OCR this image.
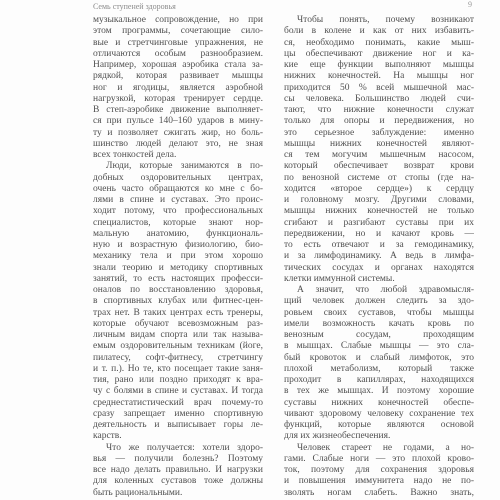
Семь ступеней здоровья	9
музыкальное сопровождение, но при
этом программы, сочетающие сило-
вые и стретчинговые упражнения, не
отличаются особым разнообразием.
Например, хорошая аэробика стала за-
рядкой, которая развивает мышцы
ног и ягодицы, является аэробной
нагрузкой, которая тренирует сердце.
В степ-аэробике движение выполняет-
ся при пульсе 140–160 ударов в мину-
ту и позволяет сжигать жир, но боль-
шинство людей делают это, не зная
всех тонкостей дела.
Люди, которые занимаются в по-
добных оздоровительных центрах,
очень часто обращаются ко мне с бо-
лями в спине и суставах. Это проис-
ходит потому, что профессиональных
специалистов, которые знают нор-
мальную анатомию, функциональ-
ную и возрастную физиологию, био-
механику тела и при этом хорошо
знали теорию и методику спортивных
занятий, то есть настоящих професси-
оналов по восстановлению здоровья,
в спортивных клубах или фитнес-цен-
трах нет. В таких центрах есть тренеры,
которые обучают всевозможным раз-
личным видам спорта или так называ-
емым оздоровительным техникам (йоге,
пилатесу, софт-фитнесу, стретчингу
и т. п.). Но те, кто посещает такие заня-
тия, рано или поздно приходят к вра-
чу с болями в спине и суставах. И тогда
среднестатистический врач почему-то
сразу запрещает именно спортивную
деятельность и выписывает горы ле-
карств.
Что же получается: хотели здоро-
вья — получили болезнь? Поэтому
все надо делать правильно. И нагрузки
для коленных суставов тоже должны
быть рациональными.
Чтобы понять, почему возникают
боли в колене и как от них избавить-
ся, необходимо понимать, какие мыш-
цы обеспечивают движение ног и ка-
кие еще функции выполняют мышцы
нижних конечностей. На мышцы ног
приходится 50 % всей мышечной мас-
сы человека. Большинство людей счи-
тают, что нижние конечности служат
только для опоры и передвижения, но
это серьезное заблуждение: именно
мышцы нижних конечностей являют-
ся тем могучим мышечным насосом,
который обеспечивает возврат крови
по венозной системе от стопы (где на-
ходится «второе сердце») к сердцу
и головному мозгу. Другими словами,
мышцы нижних конечностей не только
сгибают и разгибают суставы при их
передвижении, но и качают кровь —
то есть отвечают и за гемодинамику,
и за лимфодинамику. А ведь в лимфа-
тических сосудах и органах находятся
клетки иммунной системы.
А значит, что любой здравомысля-
щий человек должен следить за здо-
ровьем своих суставов, чтобы мышцы
имели возможность качать кровь по
венозным сосудам, проходящим
в мышцах. Слабые мышцы — это сла-
бый кровоток и слабый лимфоток, это
плохой метаболизм, который также
проходит в капиллярах, находящихся
в тех же мышцах. И поэтому хорошие
суставы нижних конечностей обеспе-
чивают здоровому человеку сохранение тех
функций, которые являются основой
для их жизнеобеспечения.
Человек стареет не годами, а но-
гами. Слабые ноги — это плохой крово-
ток, поэтому для сохранения здоровья
и повышения иммунитета надо не по-
зволять ногам слабеть. Важно знать,
